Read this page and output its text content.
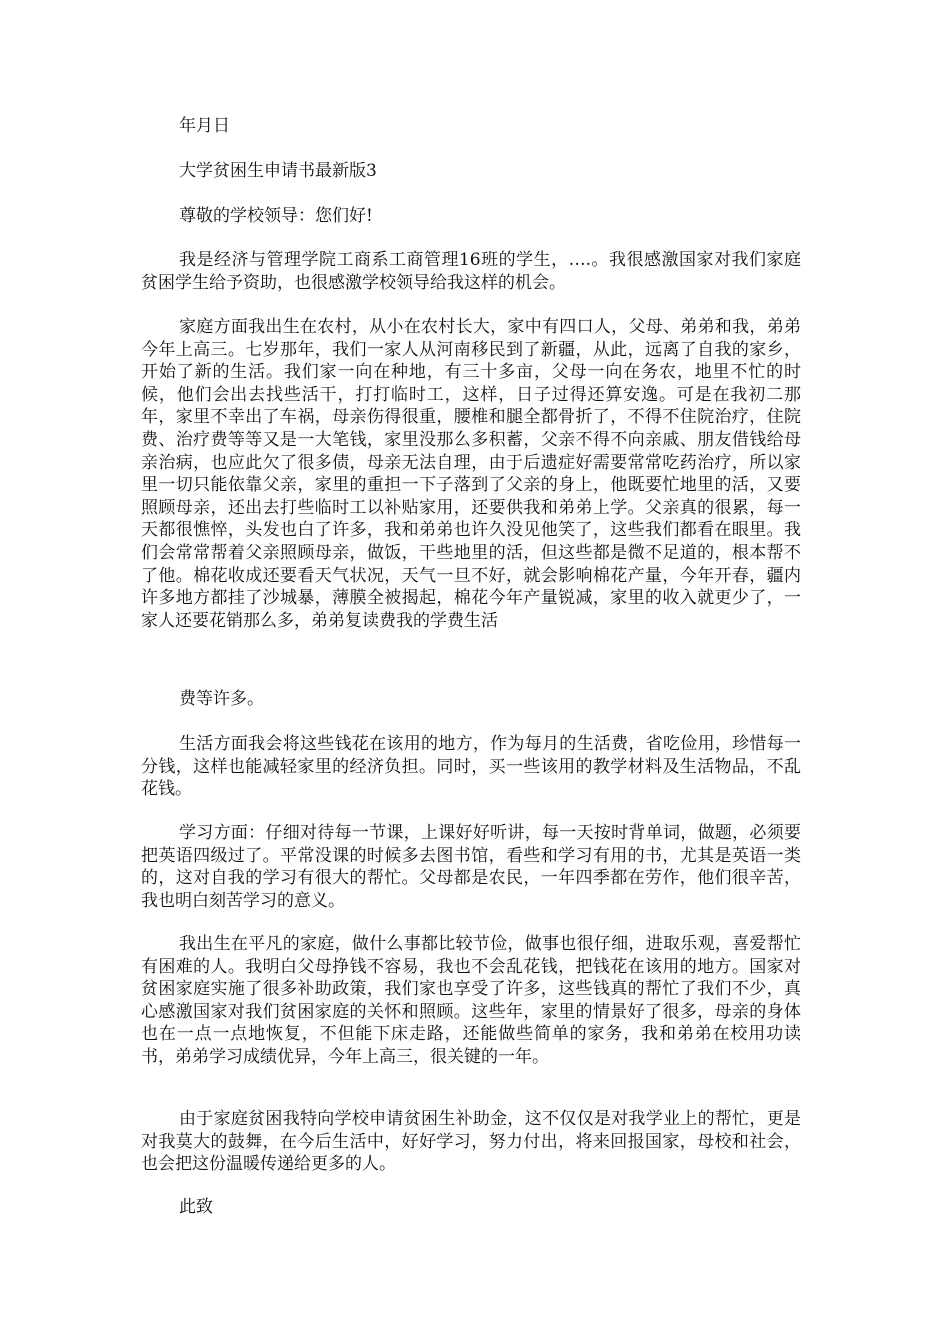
年月日

大学贫困生申请书最新版3

尊敬的学校领导：您们好!

我是经济与管理学院工商系工商管理16班的学生，….。我很感激国家对我们家庭贫困学生给予资助，也很感激学校领导给我这样的机会。

家庭方面我出生在农村，从小在农村长大，家中有四口人，父母、弟弟和我，弟弟今年上高三。七岁那年，我们一家人从河南移民到了新疆，从此，远离了自我的家乡，开始了新的生活。我们家一向在种地，有三十多亩，父母一向在务农，地里不忙的时候，他们会出去找些活干，打打临时工，这样，日子过得还算安逸。可是在我初二那年，家里不幸出了车祸，母亲伤得很重，腰椎和腿全都骨折了，不得不住院治疗，住院费、治疗费等等又是一大笔钱，家里没那么多积蓄，父亲不得不向亲戚、朋友借钱给母亲治病，也应此欠了很多债，母亲无法自理，由于后遗症好需要常常吃药治疗，所以家里一切只能依靠父亲，家里的重担一下子落到了父亲的身上，他既要忙地里的活，又要照顾母亲，还出去打些临时工以补贴家用，还要供我和弟弟上学。父亲真的很累，每一天都很憔悴，头发也白了许多，我和弟弟也许久没见他笑了，这些我们都看在眼里。我们会常常帮着父亲照顾母亲，做饭，干些地里的活，但这些都是微不足道的，根本帮不了他。棉花收成还要看天气状况，天气一旦不好，就会影响棉花产量，今年开春，疆内许多地方都挂了沙城暴，薄膜全被揭起，棉花今年产量锐减，家里的收入就更少了，一家人还要花销那么多，弟弟复读费我的学费生活

费等许多。

生活方面我会将这些钱花在该用的地方，作为每月的生活费，省吃俭用，珍惜每一分钱，这样也能减轻家里的经济负担。同时，买一些该用的教学材料及生活物品，不乱花钱。

学习方面：仔细对待每一节课，上课好好听讲，每一天按时背单词，做题，必须要把英语四级过了。平常没课的时候多去图书馆，看些和学习有用的书，尤其是英语一类的，这对自我的学习有很大的帮忙。父母都是农民，一年四季都在劳作，他们很辛苦，我也明白刻苦学习的意义。

我出生在平凡的家庭，做什么事都比较节俭，做事也很仔细，进取乐观，喜爱帮忙有困难的人。我明白父母挣钱不容易，我也不会乱花钱，把钱花在该用的地方。国家对贫困家庭实施了很多补助政策，我们家也享受了许多，这些钱真的帮忙了我们不少，真心感激国家对我们贫困家庭的关怀和照顾。这些年，家里的情景好了很多，母亲的身体也在一点一点地恢复，不但能下床走路，还能做些简单的家务，我和弟弟在校用功读书，弟弟学习成绩优异，今年上高三，很关键的一年。

由于家庭贫困我特向学校申请贫困生补助金，这不仅仅是对我学业上的帮忙，更是对我莫大的鼓舞，在今后生活中，好好学习，努力付出，将来回报国家，母校和社会，也会把这份温暖传递给更多的人。

此致
